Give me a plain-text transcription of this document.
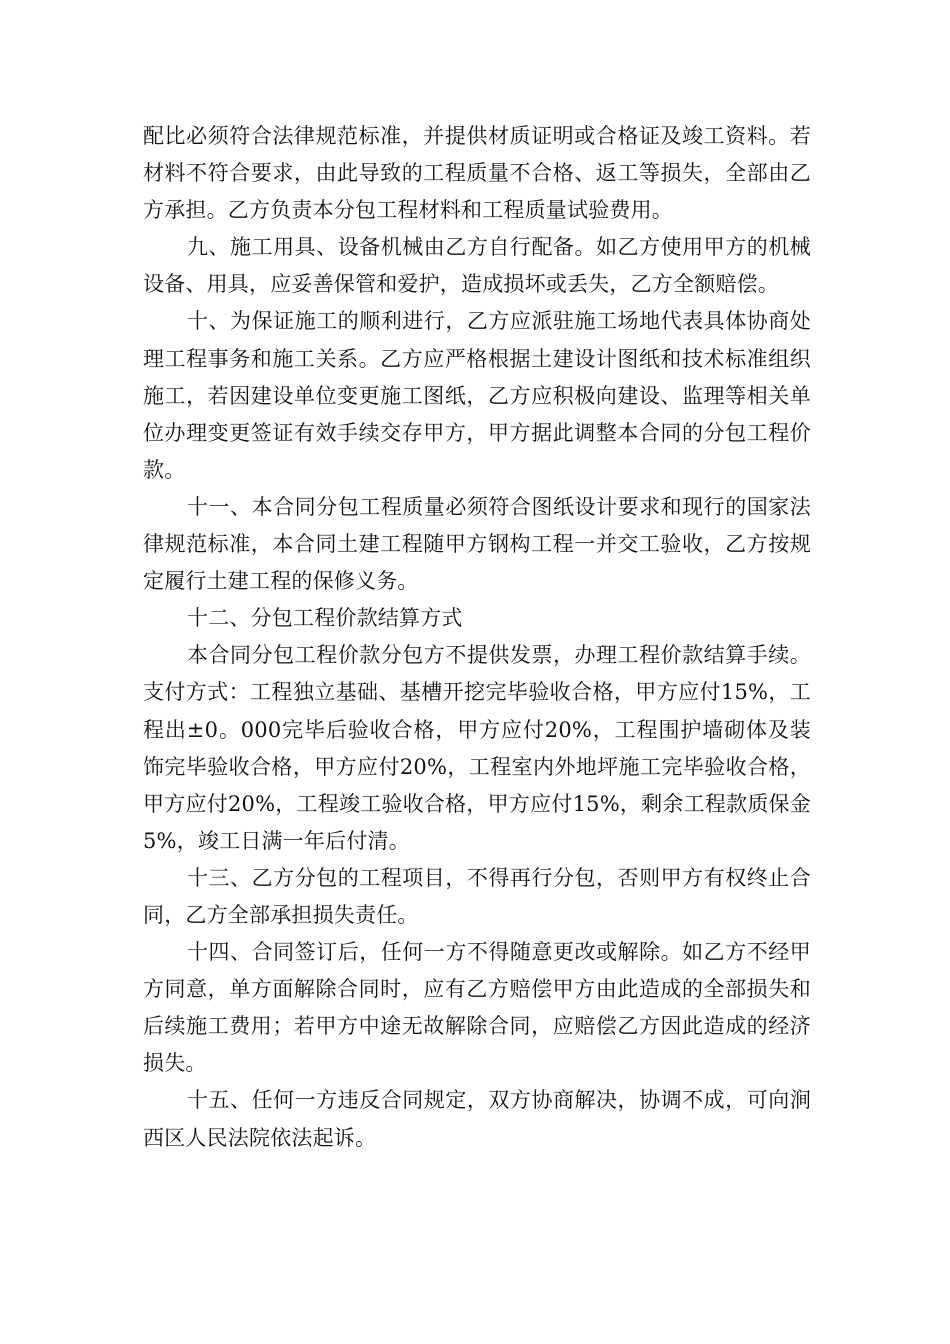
配比必须符合法律规范标准，并提供材质证明或合格证及竣工资料。若材料不符合要求，由此导致的工程质量不合格、返工等损失，全部由乙方承担。乙方负责本分包工程材料和工程质量试验费用。

九、施工用具、设备机械由乙方自行配备。如乙方使用甲方的机械设备、用具，应妥善保管和爱护，造成损坏或丢失，乙方全额赔偿。

十、为保证施工的顺利进行，乙方应派驻施工场地代表具体协商处理工程事务和施工关系。乙方应严格根据土建设计图纸和技术标准组织施工，若因建设单位变更施工图纸，乙方应积极向建设、监理等相关单位办理变更签证有效手续交存甲方，甲方据此调整本合同的分包工程价款。

十一、本合同分包工程质量必须符合图纸设计要求和现行的国家法律规范标准，本合同土建工程随甲方钢构工程一并交工验收，乙方按规定履行土建工程的保修义务。

十二、分包工程价款结算方式

本合同分包工程价款分包方不提供发票，办理工程价款结算手续。支付方式：工程独立基础、基槽开挖完毕验收合格，甲方应付15%，工程出±0。000完毕后验收合格，甲方应付20%，工程围护墙砌体及装饰完毕验收合格，甲方应付20%，工程室内外地坪施工完毕验收合格，甲方应付20%，工程竣工验收合格，甲方应付15%，剩余工程款质保金5%，竣工日满一年后付清。

十三、乙方分包的工程项目，不得再行分包，否则甲方有权终止合同，乙方全部承担损失责任。

十四、合同签订后，任何一方不得随意更改或解除。如乙方不经甲方同意，单方面解除合同时，应有乙方赔偿甲方由此造成的全部损失和后续施工费用；若甲方中途无故解除合同，应赔偿乙方因此造成的经济损失。

十五、任何一方违反合同规定，双方协商解决，协调不成，可向涧西区人民法院依法起诉。
